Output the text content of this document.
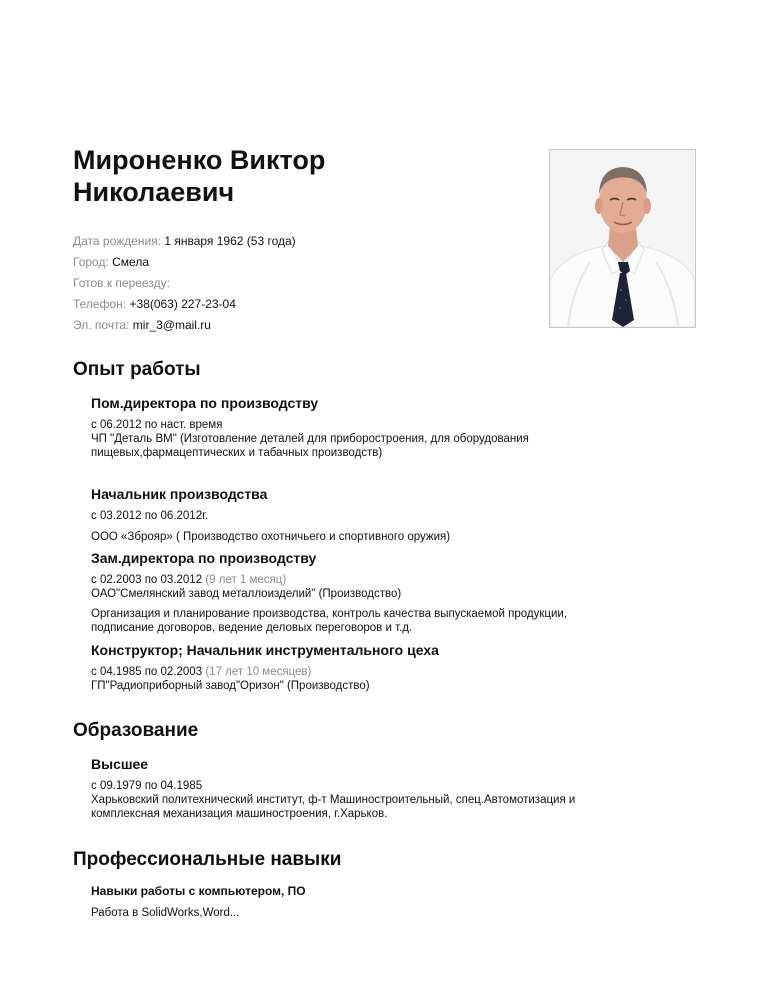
Мироненко Виктор
Николаевич
Дата рождения: 1 января 1962 (53 года)
Город: Смела
Готов к переезду:
Телефон: +38(063) 227-23-04
Эл. почта: mir_3@mail.ru
Опыт работы
Пом.директора по производству
с 06.2012 по наст. время
ЧП "Деталь ВМ" (Изготовление деталей для приборостроения, для оборудования
пищевых,фармацептических и табачных производств)
Начальник производства
с 03.2012 по 06.2012г.
ООО «Зброяр» ( Производство охотничьего и спортивного оружия)
Зам.директора по производству
с 02.2003 по 03.2012 (9 лет 1 месяц)
ОАО"Смелянский завод металлоизделий" (Производство)
Организация и планирование производства, контроль качества выпускаемой продукции,
подписание договоров, ведение деловых переговоров и т.д.
Конструктор; Начальник инструментального цеха
с 04.1985 по 02.2003 (17 лет 10 месяцев)
ГП"Радиоприборный завод"Оризон" (Производство)
Образование
Высшее
с 09.1979 по 04.1985
Харьковский политехнический институт, ф-т Машиностроительный, спец.Автомотизация и
комплексная механизация машиностроения, г.Харьков.
Профессиональные навыки
Навыки работы с компьютером, ПО
Работа в SolidWorks,Word...
